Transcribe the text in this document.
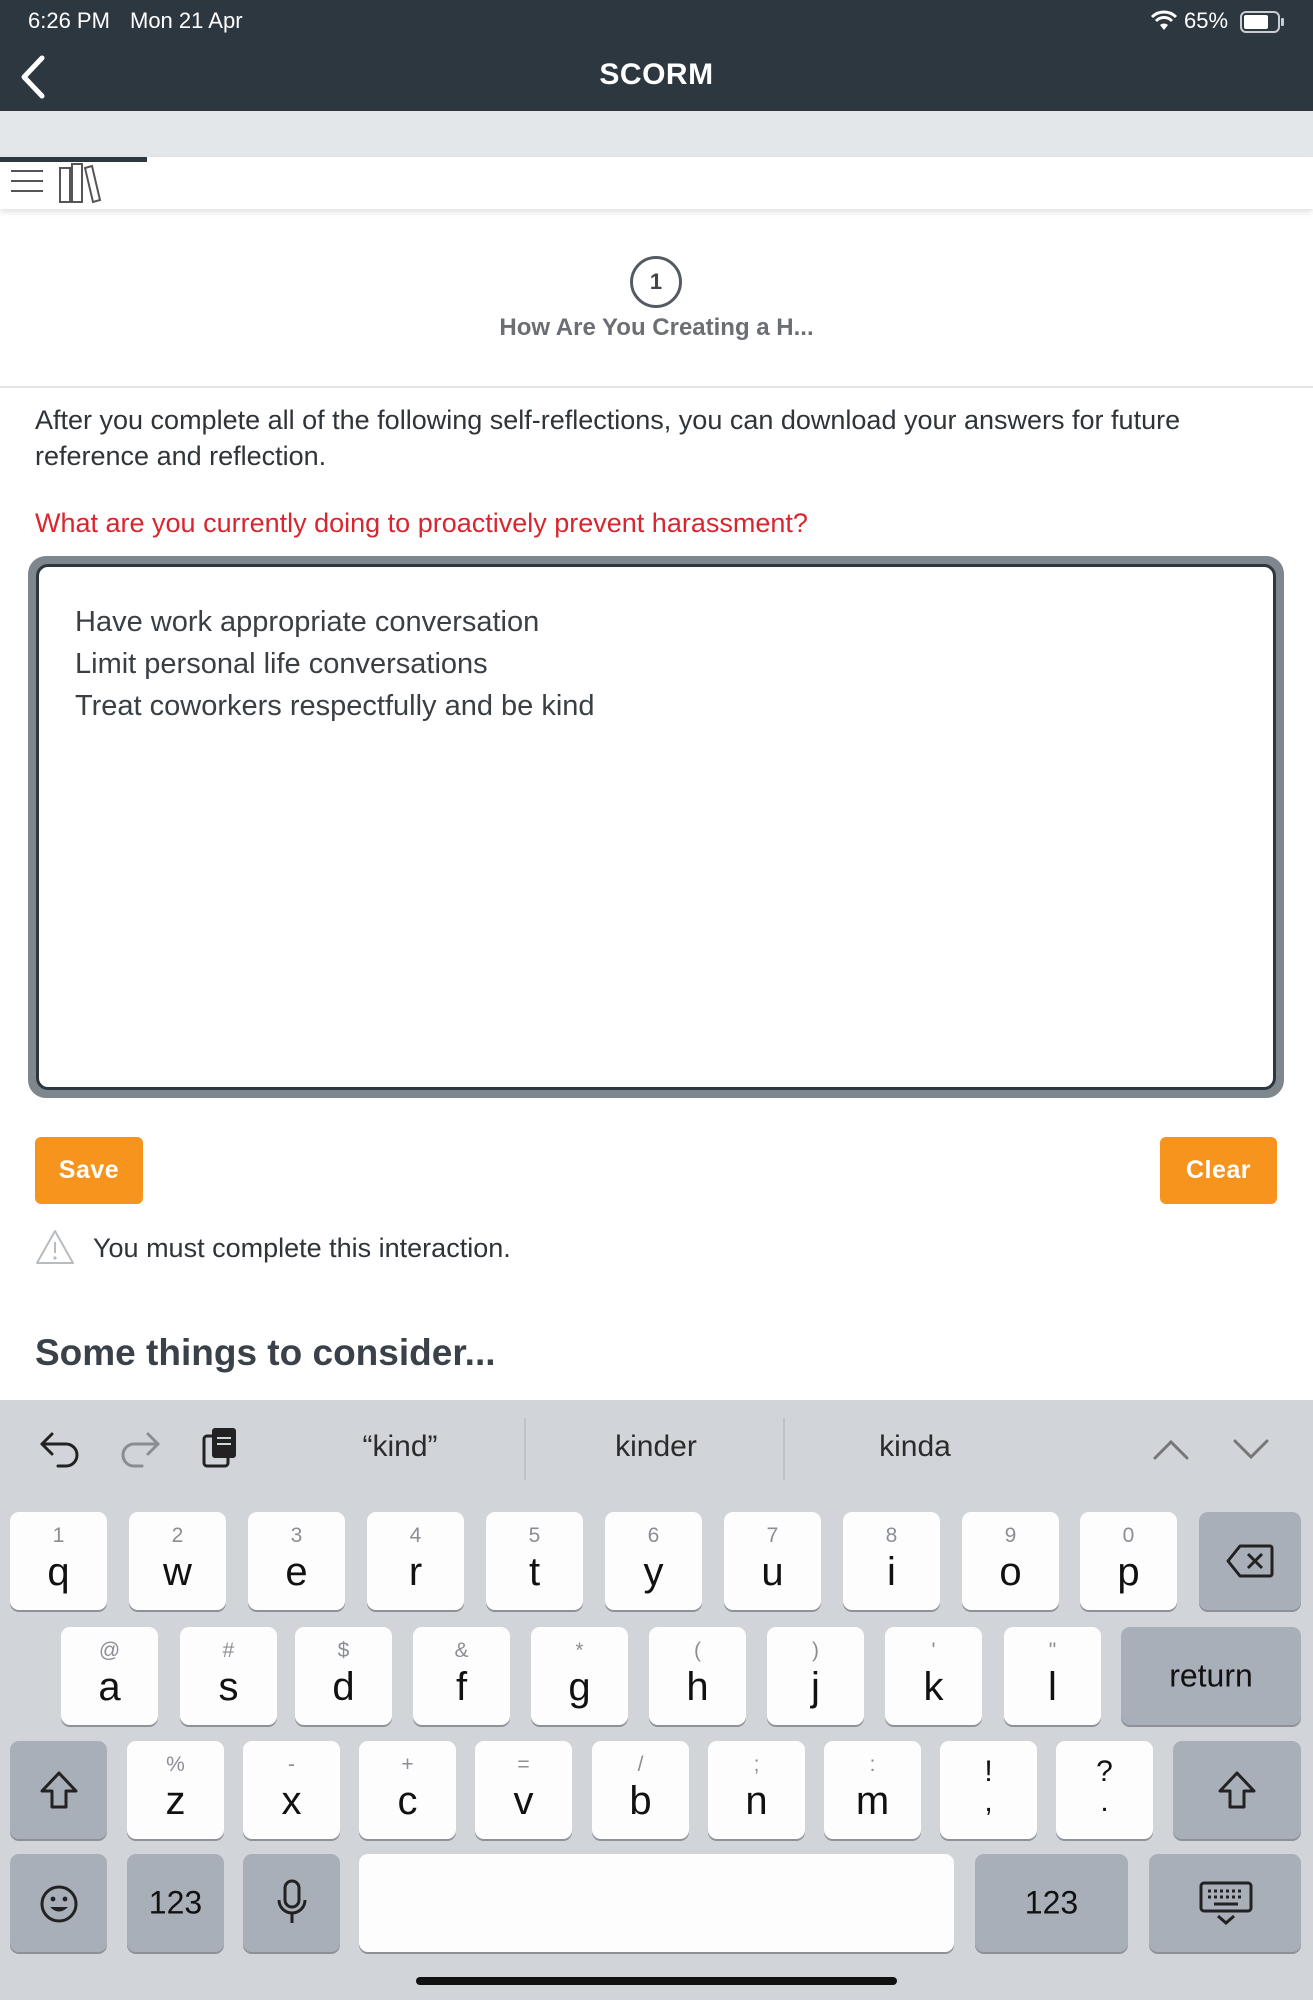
6:26 PM Mon 21 Apr	65%
SCORM
1
How Are You Creating a H...
After you complete all of the following self-reflections, you can download your answers for future reference and reflection.
What are you currently doing to proactively prevent harassment?
Have work appropriate conversation
Limit personal life conversations
Treat coworkers respectfully and be kind
Save	Clear
You must complete this interaction.
Some things to consider...
“kind”	kinder	kinda
1
q
2
w
3
e
4
r
5
t
6
y
7
u
8
i
9
o
0
p
@
a
#
s
$
d
&
f
*
g
(
h
)
j
'
k
"
l	return
%
z
-
x
+
c
=
v
/
b
;
n
:
m
!
,
?
.
123	123
